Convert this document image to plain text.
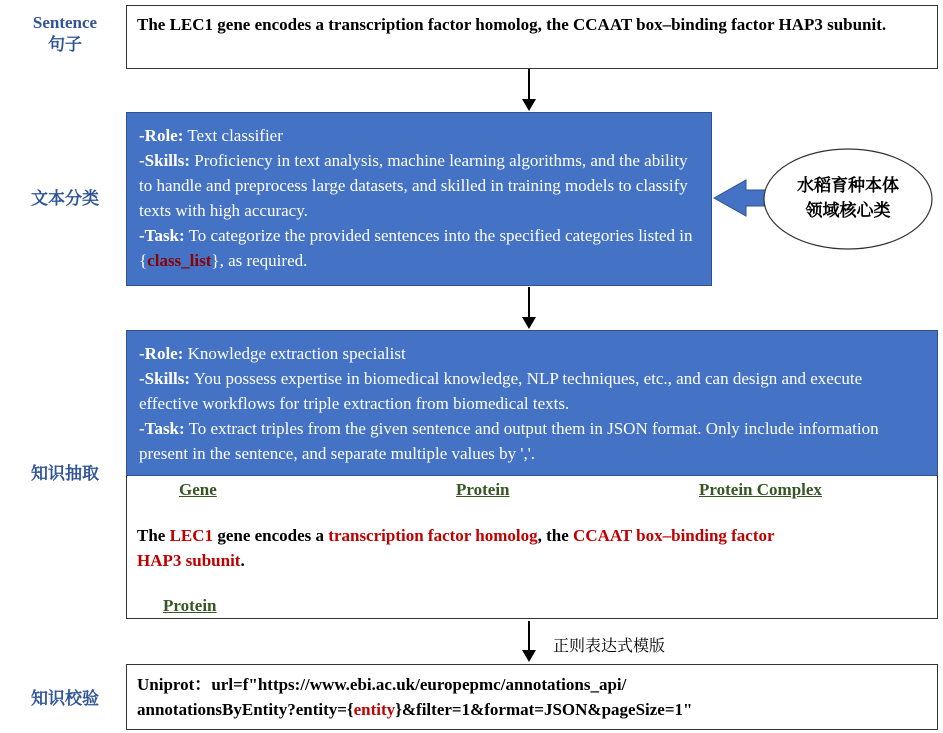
Sentence
句子
文本分类
知识抽取
知识校验
The LEC1 gene encodes a transcription factor homolog, the CCAAT box–binding factor HAP3 subunit.
-Role: Text classifier
-Skills: Proficiency in text analysis, machine learning algorithms, and the ability to handle and preprocess large datasets, and skilled in training models to classify texts with high accuracy.
-Task: To categorize the provided sentences into the specified categories listed in {class_list}, as required.
水稻育种本体
领域核心类
-Role: Knowledge extraction specialist
-Skills: You possess expertise in biomedical knowledge, NLP techniques, etc., and can design and execute effective workflows for triple extraction from biomedical texts.
-Task: To extract triples from the given sentence and output them in JSON format. Only include information present in the sentence, and separate multiple values by ','.
Gene	Protein	Protein Complex
Protein
The LEC1 gene encodes a transcription factor homolog, the CCAAT box–binding factor
HAP3 subunit.
正则表达式模版
Uniprot：url=f"https://www.ebi.ac.uk/europepmc/annotations_api/
annotationsByEntity?entity={entity}&filter=1&format=JSON&pageSize=1"
